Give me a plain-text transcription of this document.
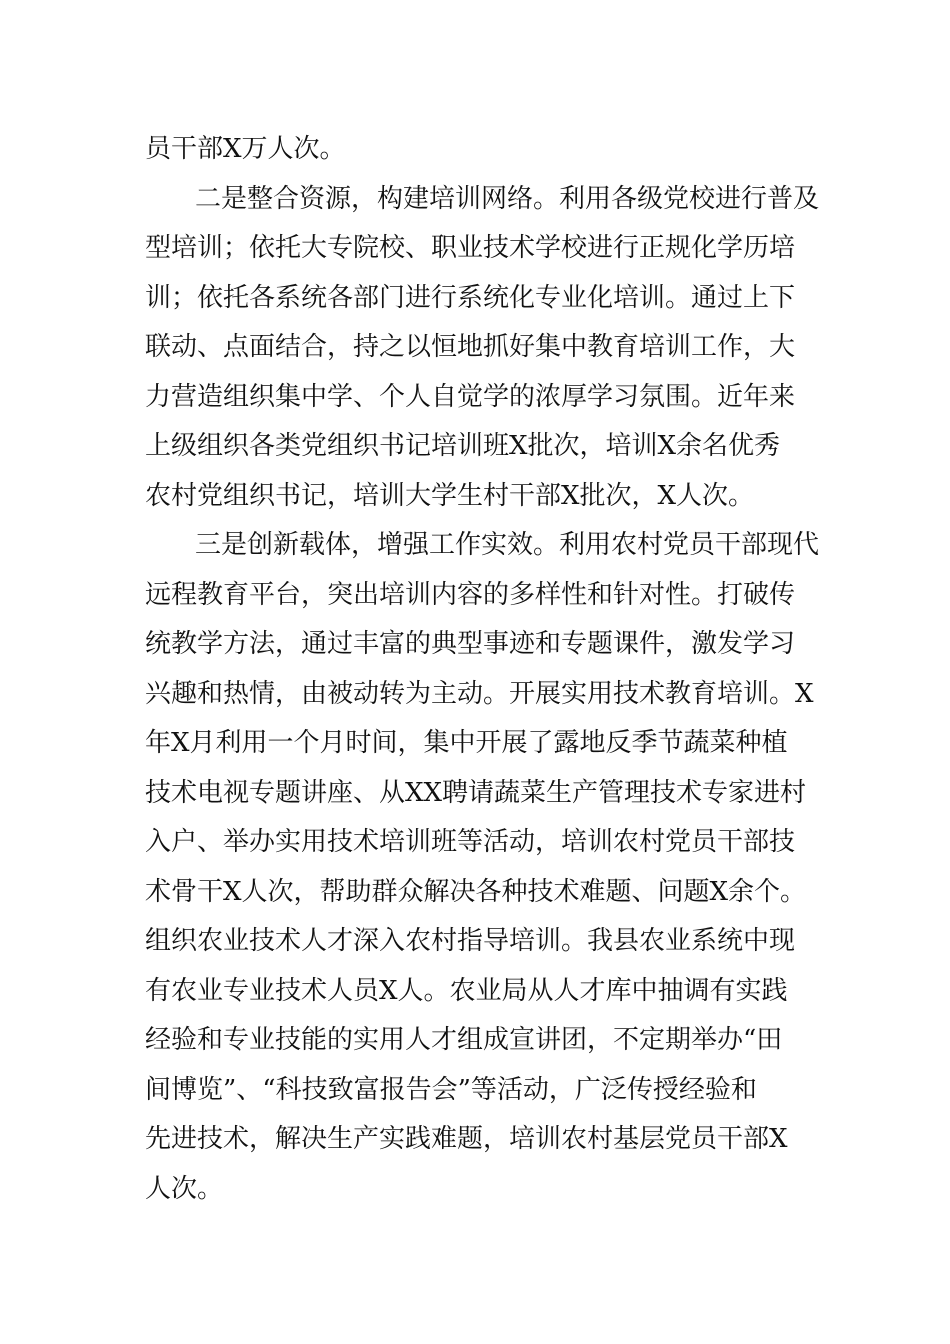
员干部X万人次。
二是整合资源，构建培训网络。利用各级党校进行普及
型培训；依托大专院校、职业技术学校进行正规化学历培
训；依托各系统各部门进行系统化专业化培训。通过上下
联动、点面结合，持之以恒地抓好集中教育培训工作，大
力营造组织集中学、个人自觉学的浓厚学习氛围。近年来
上级组织各类党组织书记培训班X批次，培训X余名优秀
农村党组织书记，培训大学生村干部X批次，X人次。
三是创新载体，增强工作实效。利用农村党员干部现代
远程教育平台，突出培训内容的多样性和针对性。打破传
统教学方法，通过丰富的典型事迹和专题课件，激发学习
兴趣和热情，由被动转为主动。开展实用技术教育培训。X
年X月利用一个月时间，集中开展了露地反季节蔬菜种植
技术电视专题讲座、从XX聘请蔬菜生产管理技术专家进村
入户、举办实用技术培训班等活动，培训农村党员干部技
术骨干X人次，帮助群众解决各种技术难题、问题X余个。
组织农业技术人才深入农村指导培训。我县农业系统中现
有农业专业技术人员X人。农业局从人才库中抽调有实践
经验和专业技能的实用人才组成宣讲团，不定期举办“田
间博览”、“科技致富报告会”等活动，广泛传授经验和
先进技术，解决生产实践难题，培训农村基层党员干部X
人次。
